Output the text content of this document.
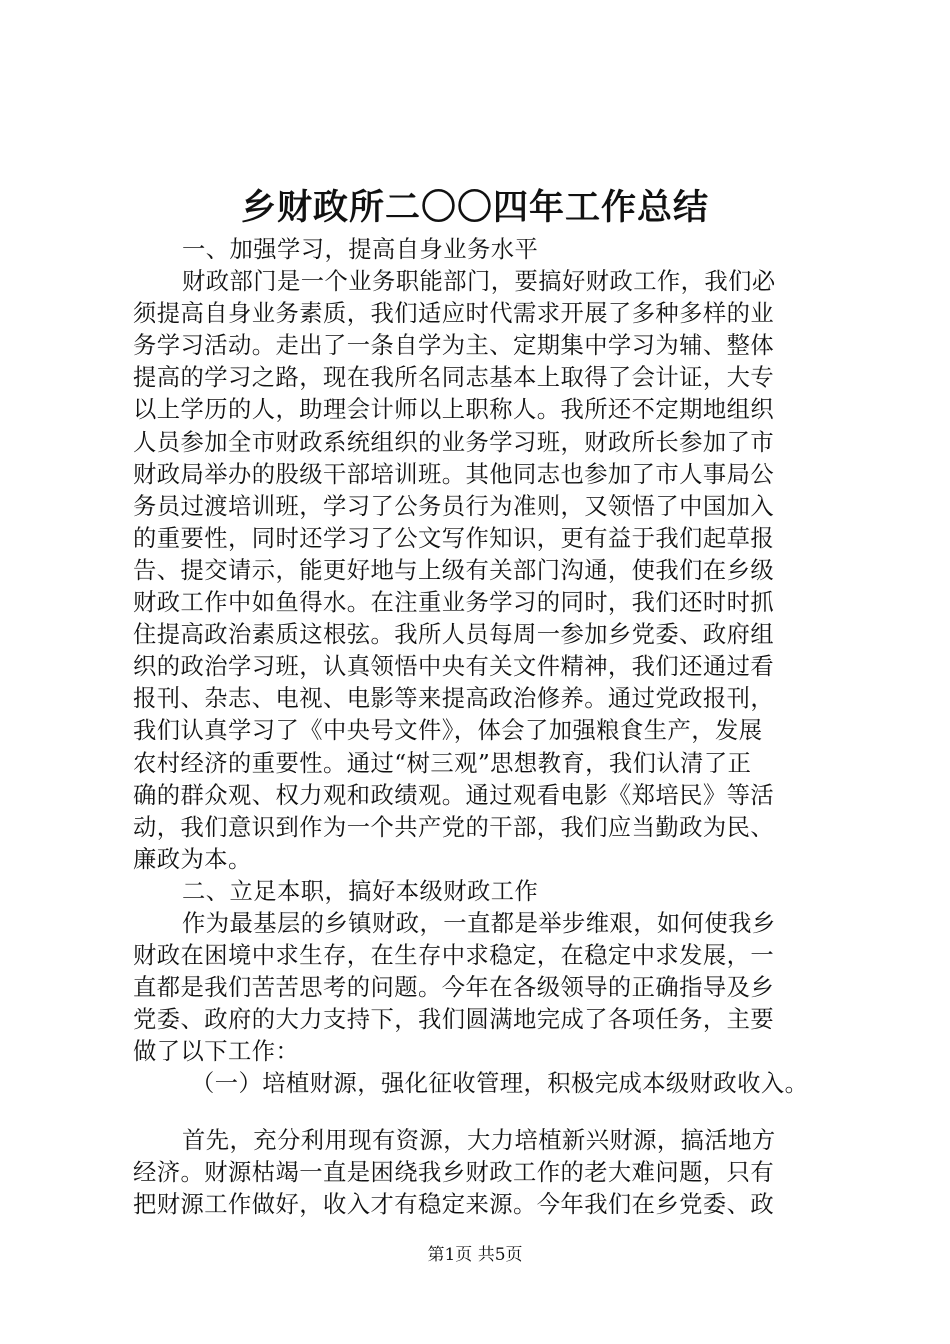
乡财政所二〇〇四年工作总结
一、加强学习，提高自身业务水平
财政部门是一个业务职能部门，要搞好财政工作，我们必
须提高自身业务素质，我们适应时代需求开展了多种多样的业
务学习活动。走出了一条自学为主、定期集中学习为辅、整体
提高的学习之路，现在我所名同志基本上取得了会计证，大专
以上学历的人，助理会计师以上职称人。我所还不定期地组织
人员参加全市财政系统组织的业务学习班，财政所长参加了市
财政局举办的股级干部培训班。其他同志也参加了市人事局公
务员过渡培训班，学习了公务员行为准则，又领悟了中国加入
的重要性，同时还学习了公文写作知识，更有益于我们起草报
告、提交请示，能更好地与上级有关部门沟通，使我们在乡级
财政工作中如鱼得水。在注重业务学习的同时，我们还时时抓
住提高政治素质这根弦。我所人员每周一参加乡党委、政府组
织的政治学习班，认真领悟中央有关文件精神，我们还通过看
报刊、杂志、电视、电影等来提高政治修养。通过党政报刊，
我们认真学习了《中央号文件》，体会了加强粮食生产，发展
农村经济的重要性。通过“树三观”思想教育，我们认清了正
确的群众观、权力观和政绩观。通过观看电影《郑培民》等活
动，我们意识到作为一个共产党的干部，我们应当勤政为民、
廉政为本。
二、立足本职，搞好本级财政工作
作为最基层的乡镇财政，一直都是举步维艰，如何使我乡
财政在困境中求生存，在生存中求稳定，在稳定中求发展，一
直都是我们苦苦思考的问题。今年在各级领导的正确指导及乡
党委、政府的大力支持下，我们圆满地完成了各项任务，主要
做了以下工作：
（一）培植财源，强化征收管理，积极完成本级财政收入。
首先，充分利用现有资源，大力培植新兴财源，搞活地方
经济。财源枯竭一直是困绕我乡财政工作的老大难问题，只有
把财源工作做好，收入才有稳定来源。今年我们在乡党委、政
第1页 共5页
